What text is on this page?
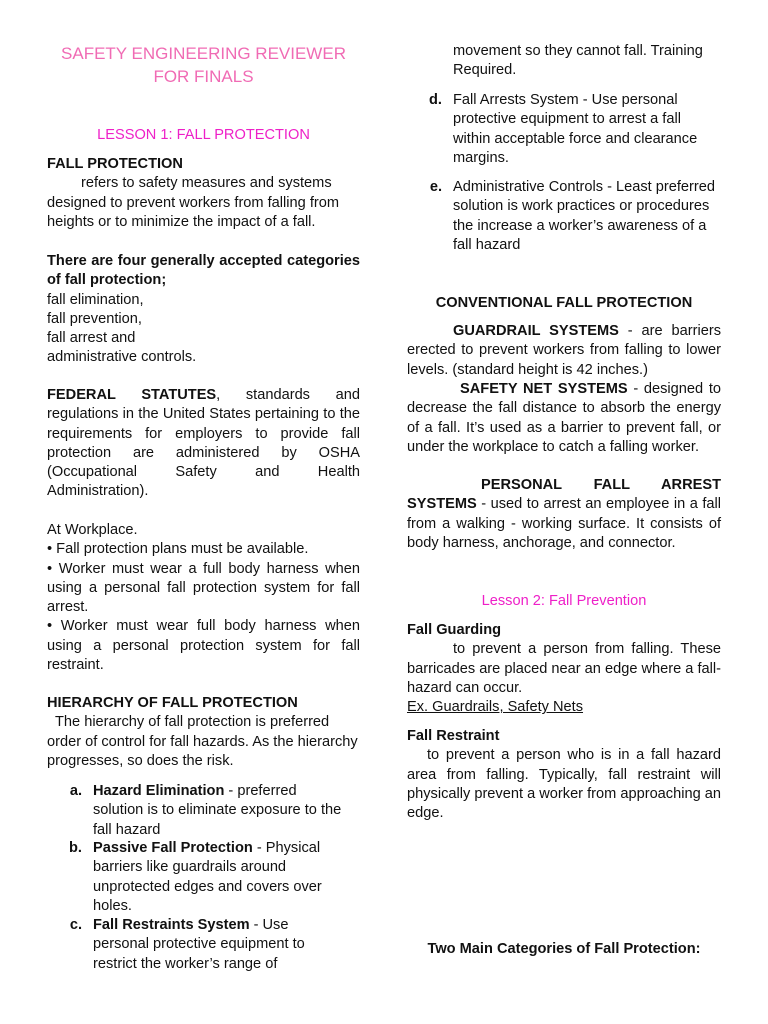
SAFETY ENGINEERING REVIEWER
FOR FINALS
LESSON 1: FALL PROTECTION

FALL PROTECTION

refers to safety measures and systems designed to prevent workers from falling from heights or to minimize the impact of a fall.

There are four generally accepted categories of fall protection;

fall elimination,

fall prevention,

fall arrest and

administrative controls.

FEDERAL STATUTES, standards and regulations in the United States pertaining to the requirements for employers to provide fall protection are administered by OSHA (Occupational Safety and Health Administration).

At Workplace.

• Fall protection plans must be available.

• Worker must wear a full body harness when using a personal fall protection system for fall arrest.

• Worker must wear full body harness when using a personal protection system for fall restraint.

HIERARCHY OF FALL PROTECTION

The hierarchy of fall protection is preferred order of control for fall hazards. As the hierarchy progresses, so does the risk.

a. Hazard Elimination - preferred solution is to eliminate exposure to the fall hazard
b. Passive Fall Protection - Physical barriers like guardrails around unprotected edges and covers over holes.
c. Fall Restraints System - Use personal protective equipment to restrict the worker’s range of
movement so they cannot fall. Training Required.
d. Fall Arrests System - Use personal protective equipment to arrest a fall within acceptable force and clearance margins.
e. Administrative Controls - Least preferred solution is work practices or procedures the increase a worker’s awareness of a fall hazard
CONVENTIONAL FALL PROTECTION

GUARDRAIL SYSTEMS - are barriers erected to prevent workers from falling to lower levels. (standard height is 42 inches.)

SAFETY NET SYSTEMS - designed to decrease the fall distance to absorb the energy of a fall. It’s used as a barrier to prevent fall, or under the workplace to catch a falling worker.

PERSONAL FALL ARREST SYSTEMS - used to arrest an employee in a fall from a walking - working surface. It consists of body harness, anchorage, and connector.

Lesson 2: Fall Prevention

Fall Guarding

to prevent a person from falling. These barricades are placed near an edge where a fall-hazard can occur.

Ex. Guardrails, Safety Nets

Fall Restraint

to prevent a person who is in a fall hazard area from falling. Typically, fall restraint will physically prevent a worker from approaching an edge.

Two Main Categories of Fall Protection:
